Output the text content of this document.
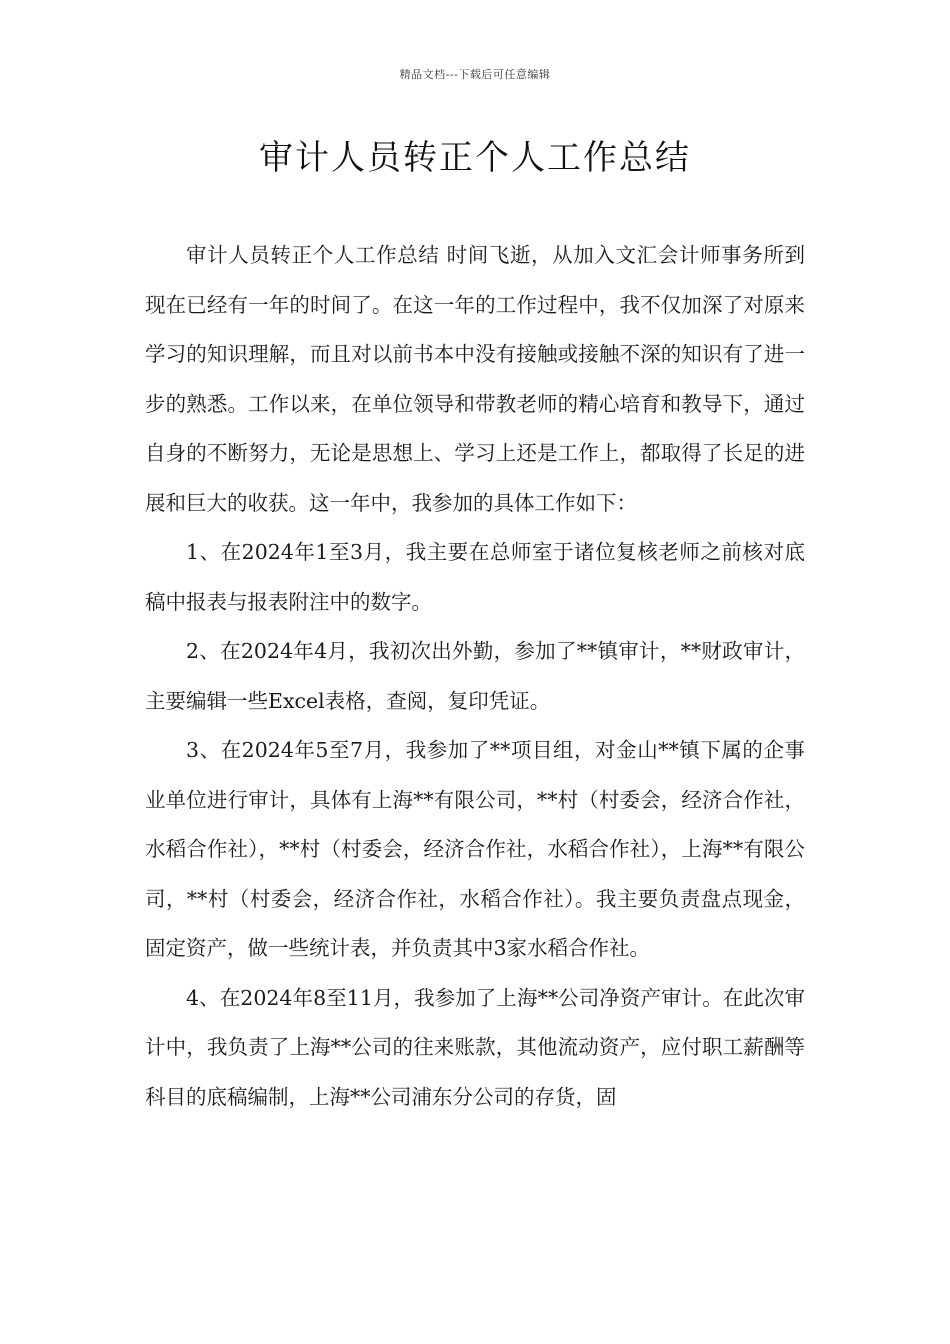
精品文档---下载后可任意编辑
审计人员转正个人工作总结

审计人员转正个人工作总结 时间飞逝，从加入文汇会计师事务所到现在已经有一年的时间了。在这一年的工作过程中，我不仅加深了对原来学习的知识理解，而且对以前书本中没有接触或接触不深的知识有了进一步的熟悉。工作以来，在单位领导和带教老师的精心培育和教导下，通过自身的不断努力，无论是思想上、学习上还是工作上，都取得了长足的进展和巨大的收获。这一年中，我参加的具体工作如下：

1、在2024年1至3月，我主要在总师室于诸位复核老师之前核对底稿中报表与报表附注中的数字。

2、在2024年4月，我初次出外勤，参加了**镇审计，**财政审计，主要编辑一些Excel表格，查阅，复印凭证。

3、在2024年5至7月，我参加了**项目组，对金山**镇下属的企事业单位进行审计，具体有上海**有限公司，**村（村委会，经济合作社，水稻合作社），**村（村委会，经济合作社，水稻合作社），上海**有限公司，**村（村委会，经济合作社，水稻合作社）。我主要负责盘点现金，固定资产，做一些统计表，并负责其中3家水稻合作社。

4、在2024年8至11月，我参加了上海**公司净资产审计。在此次审计中，我负责了上海**公司的往来账款，其他流动资产，应付职工薪酬等科目的底稿编制，上海**公司浦东分公司的存货，固
